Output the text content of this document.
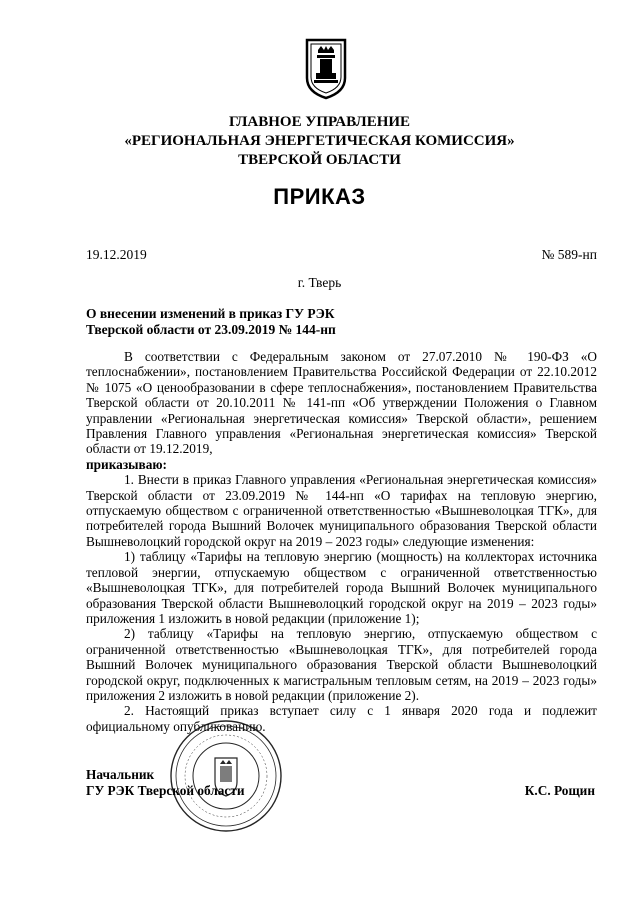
ГЛАВНОЕ УПРАВЛЕНИЕ
«РЕГИОНАЛЬНАЯ ЭНЕРГЕТИЧЕСКАЯ КОМИССИЯ»
ТВЕРСКОЙ ОБЛАСТИ
ПРИКАЗ
19.12.2019	№ 589-нп
г. Тверь
О внесении изменений в приказ ГУ РЭК
Тверской области от 23.09.2019 № 144-нп

В соответствии с Федеральным законом от 27.07.2010 № 190-ФЗ «О теплоснабжении», постановлением Правительства Российской Федерации от 22.10.2012 № 1075 «О ценообразовании в сфере теплоснабжения», постановлением Правительства Тверской области от 20.10.2011 № 141-пп «Об утверждении Положения о Главном управлении «Региональная энергетическая комиссия» Тверской области», решением Правления Главного управления «Региональная энергетическая комиссия» Тверской области от 19.12.2019,

приказываю:

1. Внести в приказ Главного управления «Региональная энергетическая комиссия» Тверской области от 23.09.2019 № 144-нп «О тарифах на тепловую энергию, отпускаемую обществом с ограниченной ответственностью «Вышневолоцкая ТГК», для потребителей города Вышний Волочек муниципального образования Тверской области Вышневолоцкий городской округ на 2019 – 2023 годы» следующие изменения:

1) таблицу «Тарифы на тепловую энергию (мощность) на коллекторах источника тепловой энергии, отпускаемую обществом с ограниченной ответственностью «Вышневолоцкая ТГК», для потребителей города Вышний Волочек муниципального образования Тверской области Вышневолоцкий городской округ на 2019 – 2023 годы» приложения 1 изложить в новой редакции (приложение 1);

2) таблицу «Тарифы на тепловую энергию, отпускаемую обществом с ограниченной ответственностью «Вышневолоцкая ТГК», для потребителей города Вышний Волочек муниципального образования Тверской области Вышневолоцкий городской округ, подключенных к магистральным тепловым сетям, на 2019 – 2023 годы» приложения 2 изложить в новой редакции (приложение 2).

2. Настоящий приказ вступает силу с 1 января 2020 года и подлежит официальному опубликованию.

Начальник
ГУ РЭК Тверской области	К.С. Рощин
